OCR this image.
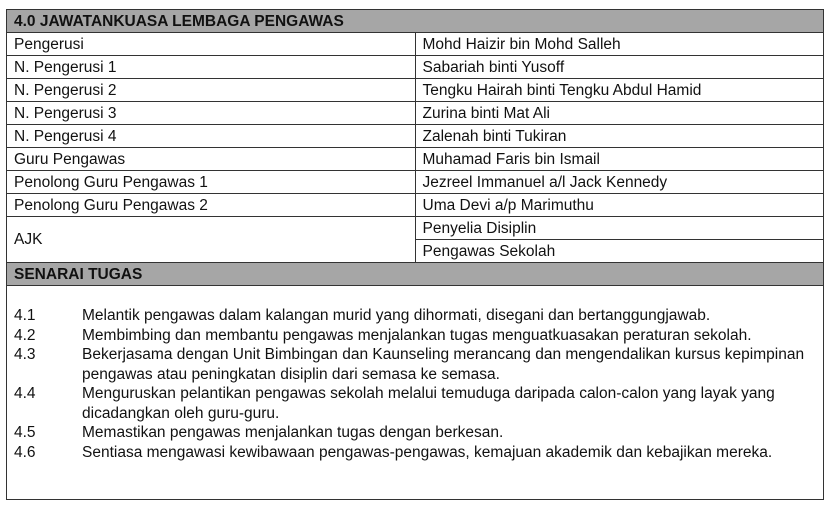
4.0 JAWATANKUASA LEMBAGA PENGAWAS	
Pengerusi	Mohd Haizir bin Mohd Salleh
N. Pengerusi 1	Sabariah binti Yusoff
N. Pengerusi 2	Tengku Hairah binti Tengku Abdul Hamid
N. Pengerusi 3	Zurina binti Mat Ali
N. Pengerusi 4	Zalenah binti Tukiran
Guru Pengawas	Muhamad Faris bin Ismail
Penolong Guru Pengawas 1	Jezreel Immanuel a/l Jack Kennedy
Penolong Guru Pengawas 2	Uma Devi a/p Marimuthu
AJK	Penyelia Disiplin
	Pengawas Sekolah
SENARAI TUGAS	
4.1	Melantik pengawas dalam kalangan murid yang dihormati, disegani dan bertanggungjawab.
4.2	Membimbing dan membantu pengawas menjalankan tugas menguatkuasakan peraturan sekolah.
4.3	Bekerjasama dengan Unit Bimbingan dan Kaunseling merancang dan mengendalikan kursus kepimpinan pengawas atau peningkatan disiplin dari semasa ke semasa.
4.4	Menguruskan pelantikan pengawas sekolah melalui temuduga daripada calon-calon yang layak yang dicadangkan oleh guru-guru.
4.5	Memastikan pengawas menjalankan tugas dengan berkesan.
4.6	Sentiasa mengawasi kewibawaan pengawas-pengawas, kemajuan akademik dan kebajikan mereka.
